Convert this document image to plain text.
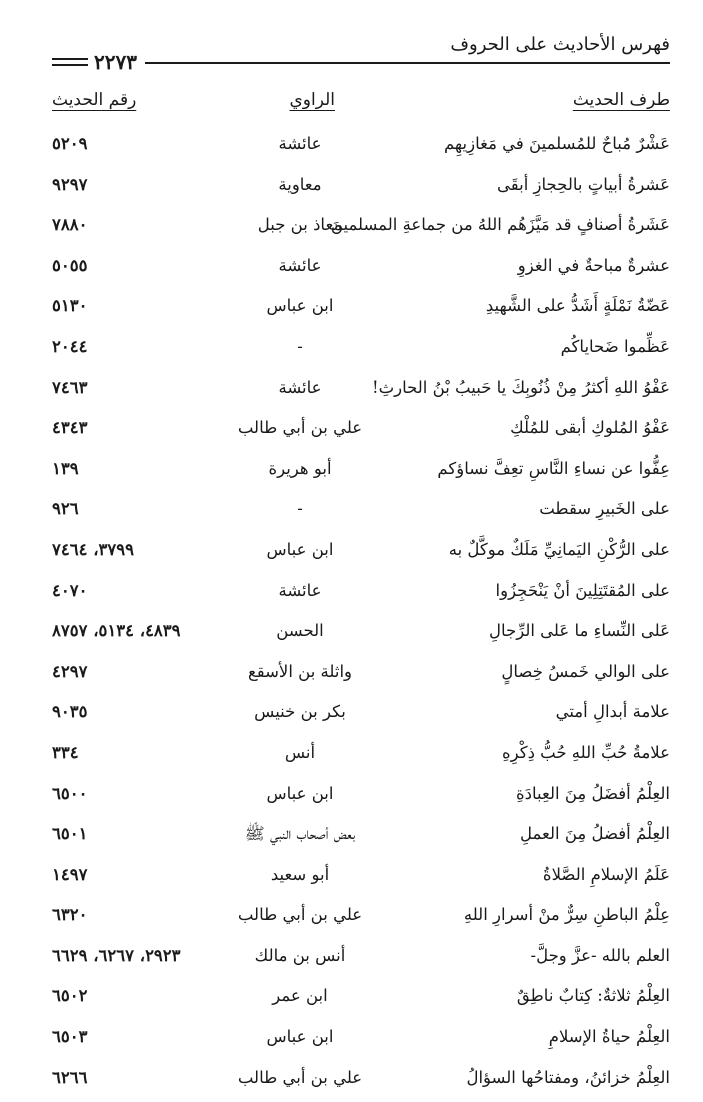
فهرس الأحاديث على الحروف
٢٢٧٣
طرف الحديث
الراوي
رقم الحديث
عَشْرٌ مُباحٌ للمُسلمينَ في مَغازِيهِم
عائشة
٥٢٠٩
عَشرةُ أبياتٍ بالحِجازِ أبقَى
معاوية
٩٢٩٧
عَشَرةُ أصنافٍ قد مَيَّزَهُم اللهُ من جماعةِ المسلمينَ
معاذ بن جبل
٧٨٨٠
عشرةٌ مباحةٌ في الغزوِ
عائشة
٥٠٥٥
عَضّةُ نَمْلَةٍ أَشَدُّ على الشَّهيدِ
ابن عباس
٥١٣٠
عَظِّموا ضَحاياكُم
-
٢٠٤٤
عَفْوُ اللهِ أكثرُ مِنْ ذُنُوبِكَ يا حَبيبُ بْنُ الحارثِ!
عائشة
٧٤٦٣
عَفْوُ المُلوكِ أبقى للمُلْكِ
علي بن أبي طالب
٤٣٤٣
عِفُّوا عن نساءِ النَّاسِ تعِفَّ نساؤكم
أبو هريرة
١٣٩
على الخَبيرِ سقطت
-
٩٢٦
على الرُّكْنِ اليَمانِيِّ مَلَكٌ موكَّلٌ به
ابن عباس
٣٧٩٩، ٧٤٦٤
على المُقتَتِلِينَ أنْ يَنْحَجِزُوا
عائشة
٤٠٧٠
عَلى النِّساءِ ما عَلى الرِّجالِ
الحسن
٤٨٣٩، ٥١٣٤، ٨٧٥٧
على الوالي خَمسُ خِصالٍ
واثلة بن الأسقع
٤٢٩٧
علامة أبدالِ أمتي
بكر بن خنيس
٩٠٣٥
علامةُ حُبِّ اللهِ حُبُّ ذِكْرِهِ
أنس
٣٣٤
العِلْمُ أفضَلُ مِنَ العِبادَةِ
ابن عباس
٦٥٠٠
العِلْمُ أفضلُ مِنَ العملِ
بعض أصحاب النبي ﷺ
٦٥٠١
عَلَمُ الإسلامِ الصَّلاةُ
أبو سعيد
١٤٩٧
عِلْمُ الباطنِ سِرٌّ منْ أسرارِ اللهِ
علي بن أبي طالب
٦٣٢٠
العلم بالله -عزَّ وجلَّ-
أنس بن مالك
٢٩٢٣، ٦٢٦٧، ٦٦٢٩
العِلْمُ ثلاثةٌ: كِتابٌ ناطِقٌ
ابن عمر
٦٥٠٢
العِلْمُ حياةُ الإسلامِ
ابن عباس
٦٥٠٣
العِلْمُ خزائنُ، ومفتاحُها السؤالُ
علي بن أبي طالب
٦٢٦٦
